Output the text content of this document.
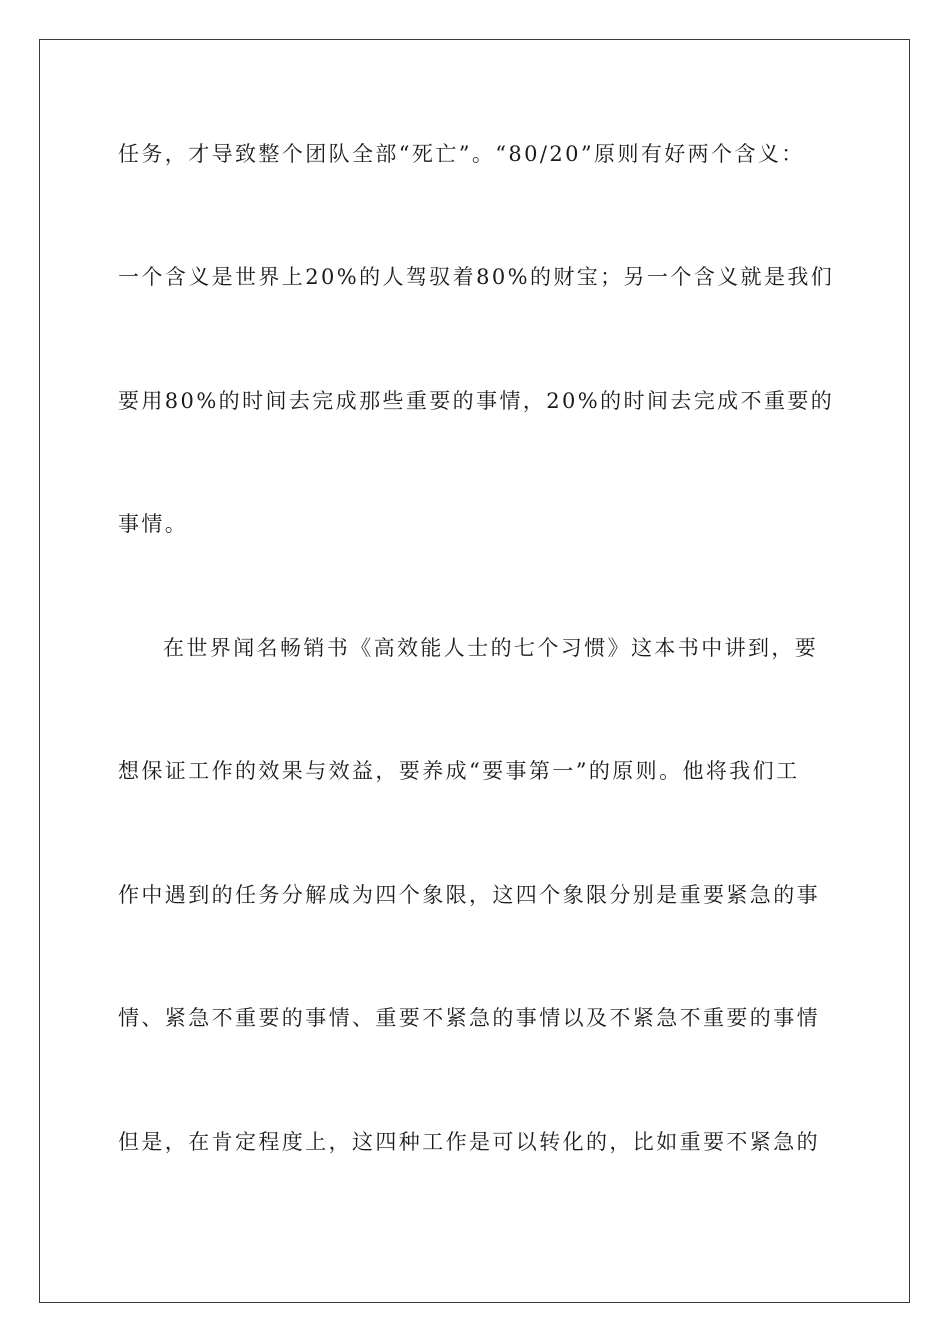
任务，才导致整个团队全部“死亡”。“80/20”原则有好两个含义：
一个含义是世界上20%的人驾驭着80%的财宝；另一个含义就是我们
要用80%的时间去完成那些重要的事情，20%的时间去完成不重要的
事情。
在世界闻名畅销书《高效能人士的七个习惯》这本书中讲到，要
想保证工作的效果与效益，要养成“要事第一”的原则。他将我们工
作中遇到的任务分解成为四个象限，这四个象限分别是重要紧急的事
情、紧急不重要的事情、重要不紧急的事情以及不紧急不重要的事情
但是，在肯定程度上，这四种工作是可以转化的，比如重要不紧急的
